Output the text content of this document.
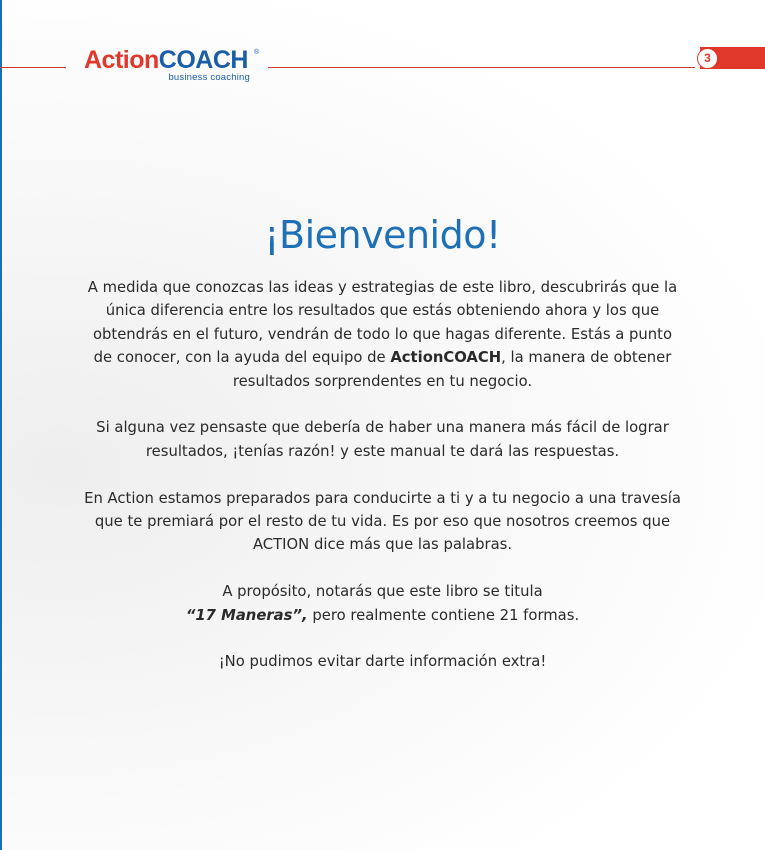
ActionCOACH ®
business coaching
3
¡Bienvenido!

A medida que conozcas las ideas y estrategias de este libro, descubrirás que la única diferencia entre los resultados que estás obteniendo ahora y los que obtendrás en el futuro, vendrán de todo lo que hagas diferente. Estás a punto de conocer, con la ayuda del equipo de ActionCOACH, la manera de obtener resultados sorprendentes en tu negocio.

Si alguna vez pensaste que debería de haber una manera más fácil de lograr resultados, ¡tenías razón! y este manual te dará las respuestas.

En Action estamos preparados para conducirte a ti y a tu negocio a una travesía que te premiará por el resto de tu vida. Es por eso que nosotros creemos que ACTION dice más que las palabras.

A propósito, notarás que este libro se titula
“17 Maneras”, pero realmente contiene 21 formas.

¡No pudimos evitar darte información extra!
